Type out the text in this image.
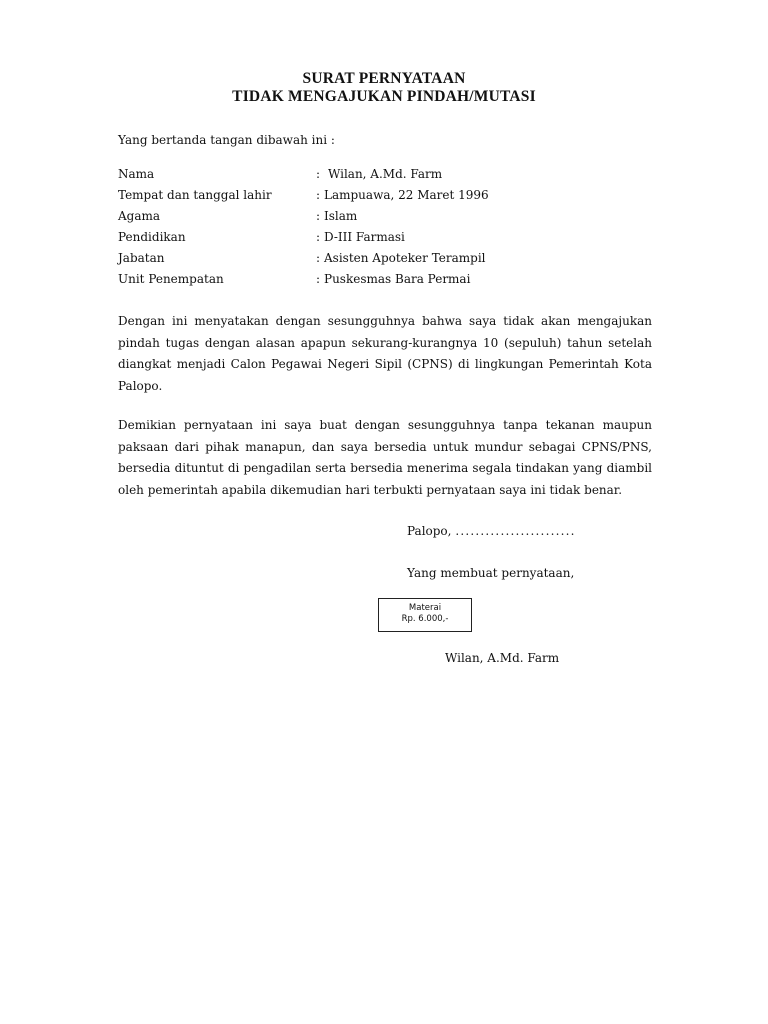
SURAT PERNYATAAN
TIDAK MENGAJUKAN PINDAH/MUTASI
Yang bertanda tangan dibawah ini :
Nama	: Wilan, A.Md. Farm
Tempat dan tanggal lahir	: Lampuawa, 22 Maret 1996
Agama	: Islam
Pendidikan	: D-III Farmasi
Jabatan	: Asisten Apoteker Terampil
Unit Penempatan	: Puskesmas Bara Permai

Dengan ini menyatakan dengan sesungguhnya bahwa saya tidak akan mengajukan pindah tugas dengan alasan apapun sekurang-kurangnya 10 (sepuluh) tahun setelah diangkat menjadi Calon Pegawai Negeri Sipil (CPNS) di lingkungan Pemerintah Kota Palopo.

Demikian pernyataan ini saya buat dengan sesungguhnya tanpa tekanan maupun paksaan dari pihak manapun, dan saya bersedia untuk mundur sebagai CPNS/PNS, bersedia dituntut di pengadilan serta bersedia menerima segala tindakan yang diambil oleh pemerintah apabila dikemudian hari terbukti pernyataan saya ini tidak benar.

Palopo, ........................
Yang membuat pernyataan,
Materai
Rp. 6.000,-
Wilan, A.Md. Farm
